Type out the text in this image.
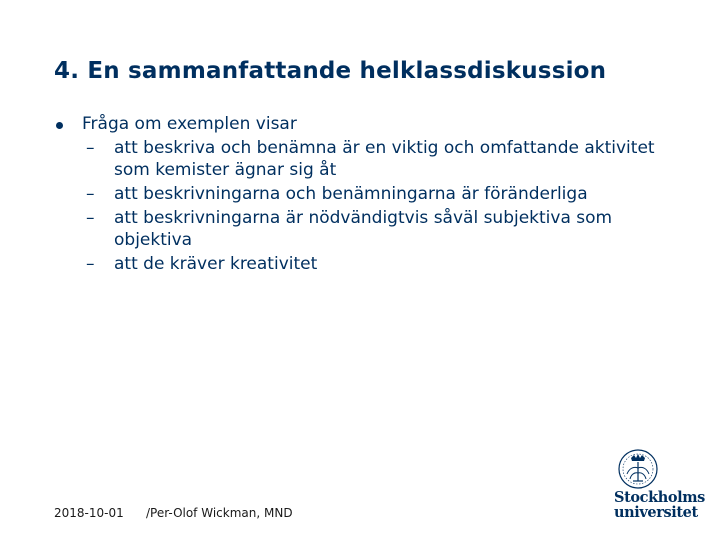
4. En sammanfattande helklassdiskussion
Fråga om exemplen visar
– att beskriva och benämna är en viktig och omfattande aktivitet som kemister ägnar sig åt
– att beskrivningarna och benämningarna är föränderliga
– att beskrivningarna är nödvändigtvis såväl subjektiva som objektiva
– att de kräver kreativitet
2018-10-01 /Per-Olof Wickman, MND
SU
Stockholms
universitet
